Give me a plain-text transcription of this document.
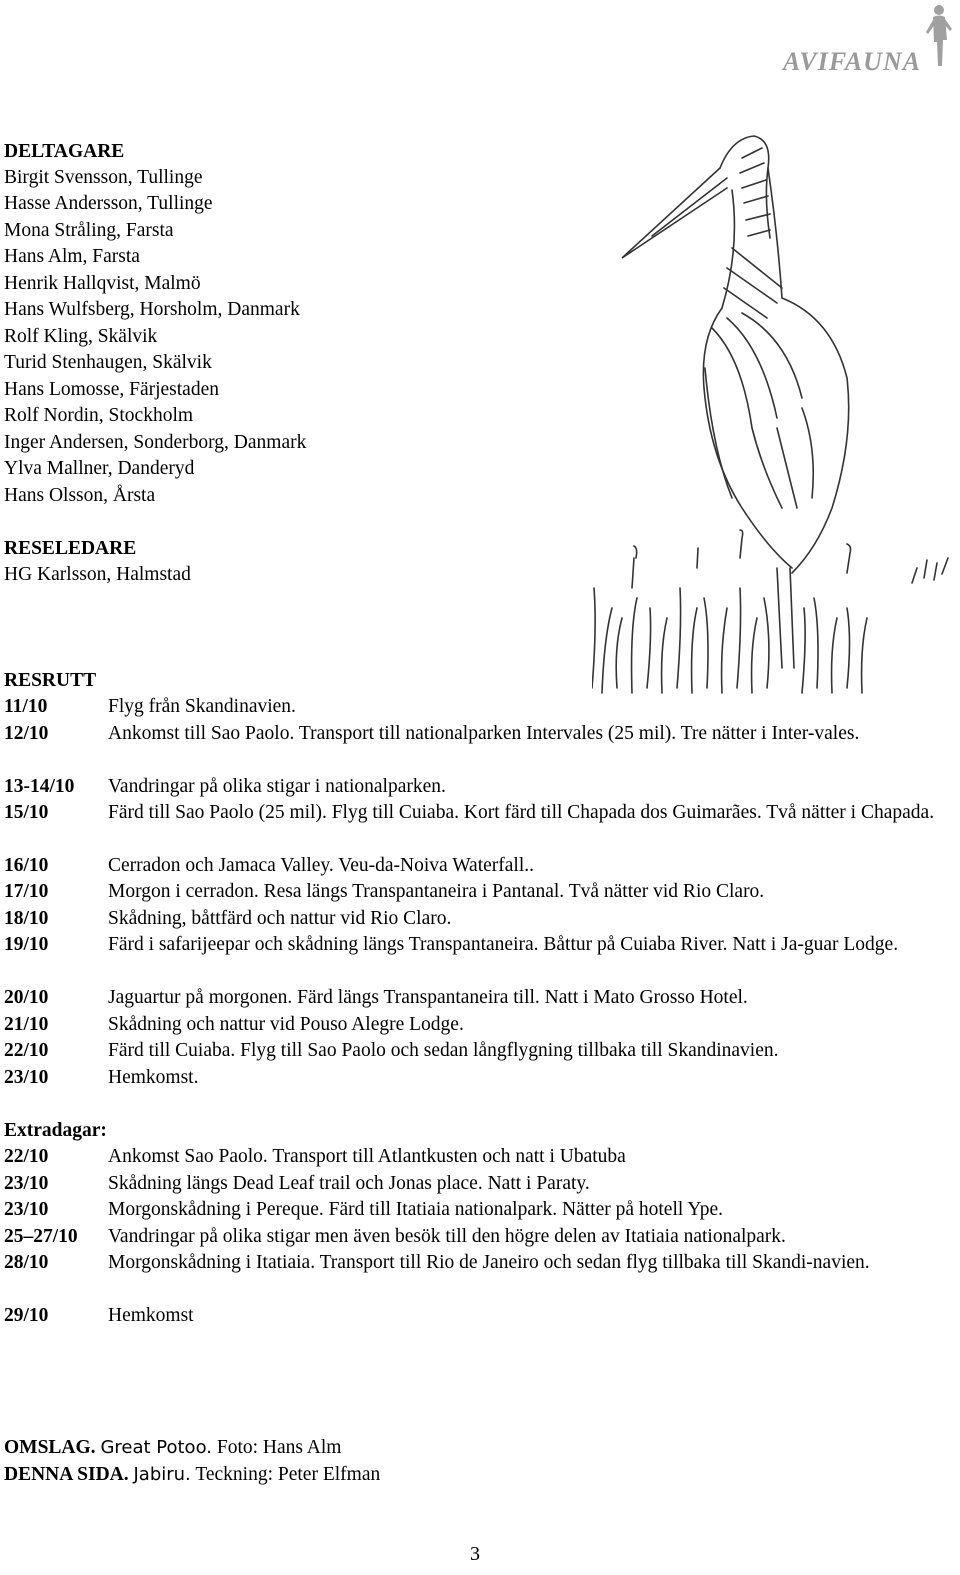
AVIFAUNA
DELTAGARE
Birgit Svensson, Tullinge
Hasse Andersson, Tullinge
Mona Stråling, Farsta
Hans Alm, Farsta
Henrik Hallqvist, Malmö
Hans Wulfsberg, Horsholm, Danmark
Rolf Kling, Skälvik
Turid Stenhaugen, Skälvik
Hans Lomosse, Färjestaden
Rolf Nordin, Stockholm
Inger Andersen, Sonderborg, Danmark
Ylva Mallner, Danderyd
Hans Olsson, Årsta
RESELEDARE
HG Karlsson, Halmstad
RESRUTT
11/10	Flyg från Skandinavien.
12/10	Ankomst till Sao Paolo. Transport till nationalparken Intervales (25 mil). Tre nätter i Inter-vales.
13-14/10 Vandringar på olika stigar i nationalparken.
15/10	Färd till Sao Paolo (25 mil). Flyg till Cuiaba. Kort färd till Chapada dos Guimarães. Två nätter i Chapada.
16/10	Cerradon och Jamaca Valley. Veu-da-Noiva Waterfall..
17/10	Morgon i cerradon. Resa längs Transpantaneira i Pantanal. Två nätter vid Rio Claro.
18/10	Skådning, båttfärd och nattur vid Rio Claro.
19/10	Färd i safarijeepar och skådning längs Transpantaneira. Båttur på Cuiaba River. Natt i Ja-guar Lodge.
20/10	Jaguartur på morgonen. Färd längs Transpantaneira till. Natt i Mato Grosso Hotel.
21/10	Skådning och nattur vid Pouso Alegre Lodge.
22/10	Färd till Cuiaba. Flyg till Sao Paolo och sedan långflygning tillbaka till Skandinavien.
23/10	Hemkomst.
Extradagar:
22/10	Ankomst Sao Paolo. Transport till Atlantkusten och natt i Ubatuba
23/10	Skådning längs Dead Leaf trail och Jonas place. Natt i Paraty.
23/10	Morgonskådning i Pereque. Färd till Itatiaia nationalpark. Nätter på hotell Ype.
25–27/10 Vandringar på olika stigar men även besök till den högre delen av Itatiaia nationalpark.
28/10	Morgonskådning i Itatiaia. Transport till Rio de Janeiro och sedan flyg tillbaka till Skandi-navien.
29/10	Hemkomst
OMSLAG. Great Potoo. Foto: Hans Alm
DENNA SIDA. Jabiru. Teckning: Peter Elfman
3
